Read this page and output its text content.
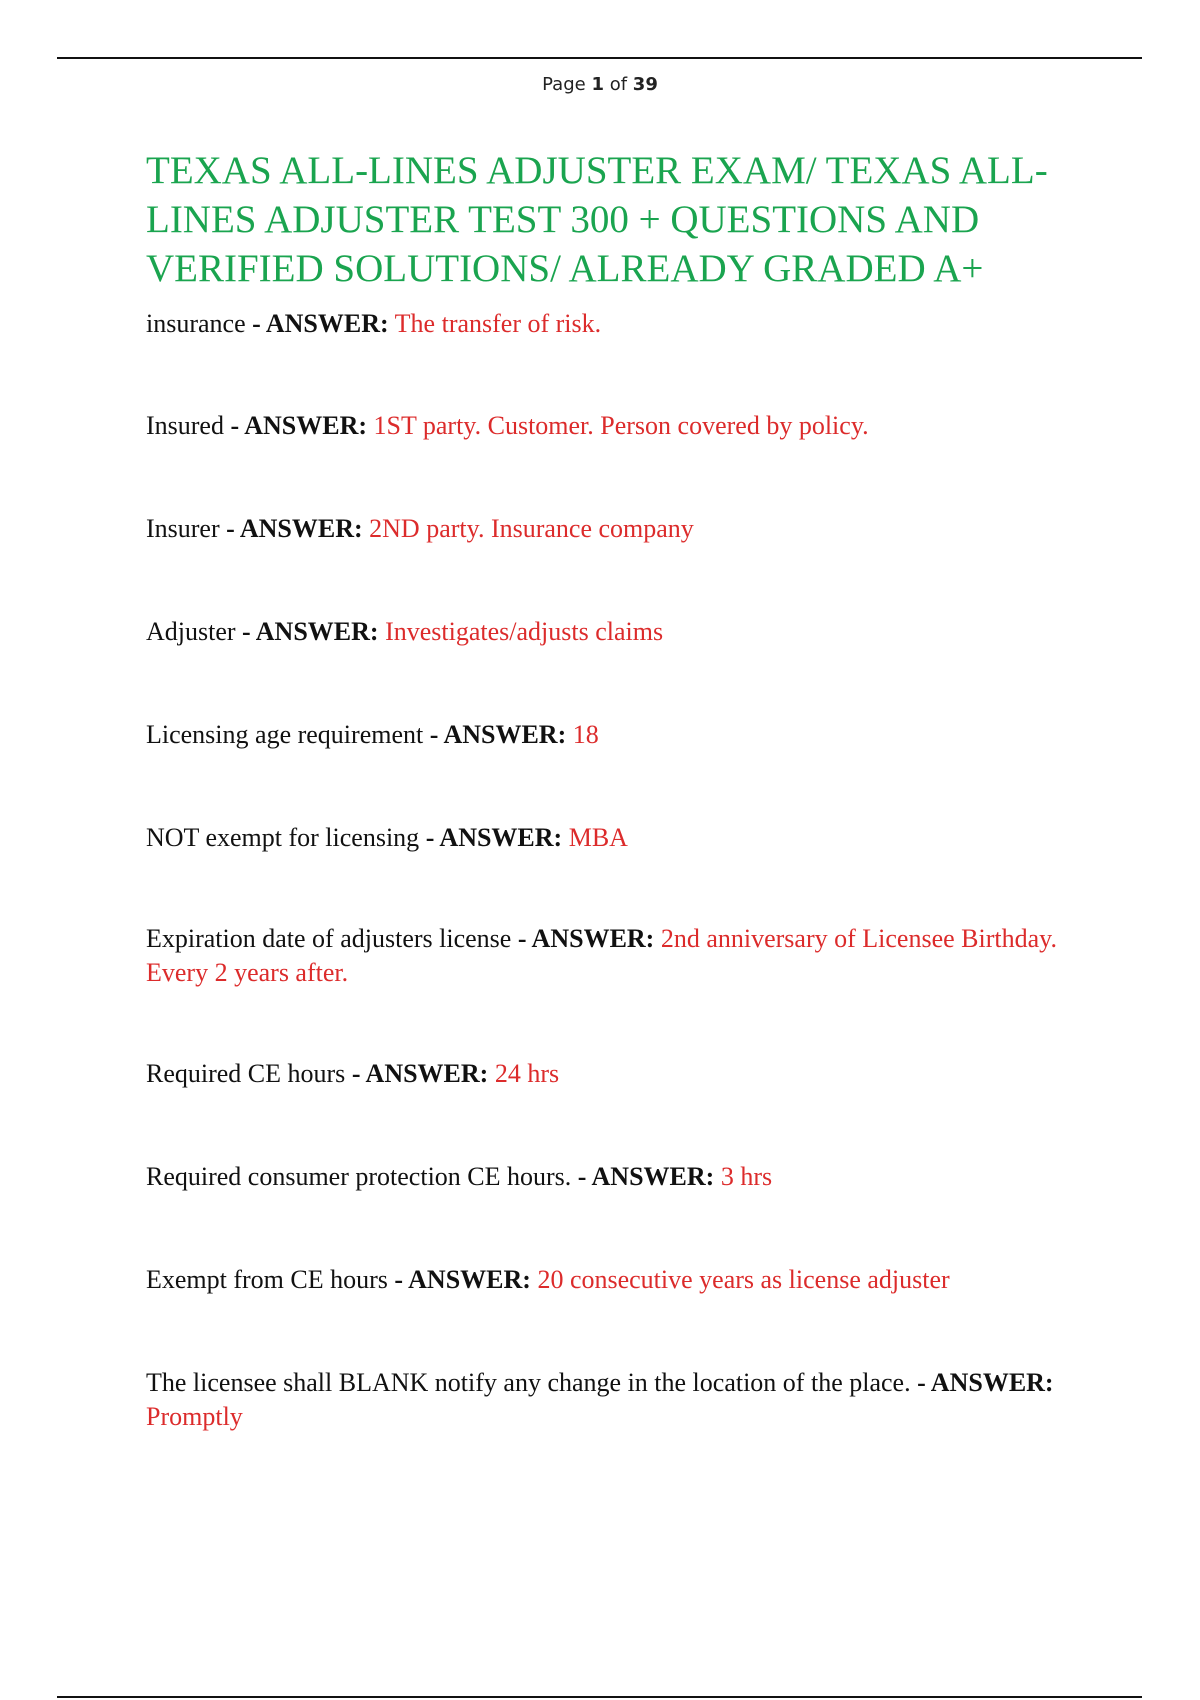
Page 1 of 39
TEXAS ALL-LINES ADJUSTER EXAM/ TEXAS ALL-LINES ADJUSTER TEST 300 + QUESTIONS AND VERIFIED SOLUTIONS/ ALREADY GRADED A+

insurance - ANSWER: The transfer of risk.

Insured - ANSWER: 1ST party. Customer. Person covered by policy.

Insurer - ANSWER: 2ND party. Insurance company

Adjuster - ANSWER: Investigates/adjusts claims

Licensing age requirement - ANSWER: 18

NOT exempt for licensing - ANSWER: MBA

Expiration date of adjusters license - ANSWER: 2nd anniversary of Licensee Birthday. Every 2 years after.

Required CE hours - ANSWER: 24 hrs

Required consumer protection CE hours. - ANSWER: 3 hrs

Exempt from CE hours - ANSWER: 20 consecutive years as license adjuster

The licensee shall BLANK notify any change in the location of the place. - ANSWER: Promptly
